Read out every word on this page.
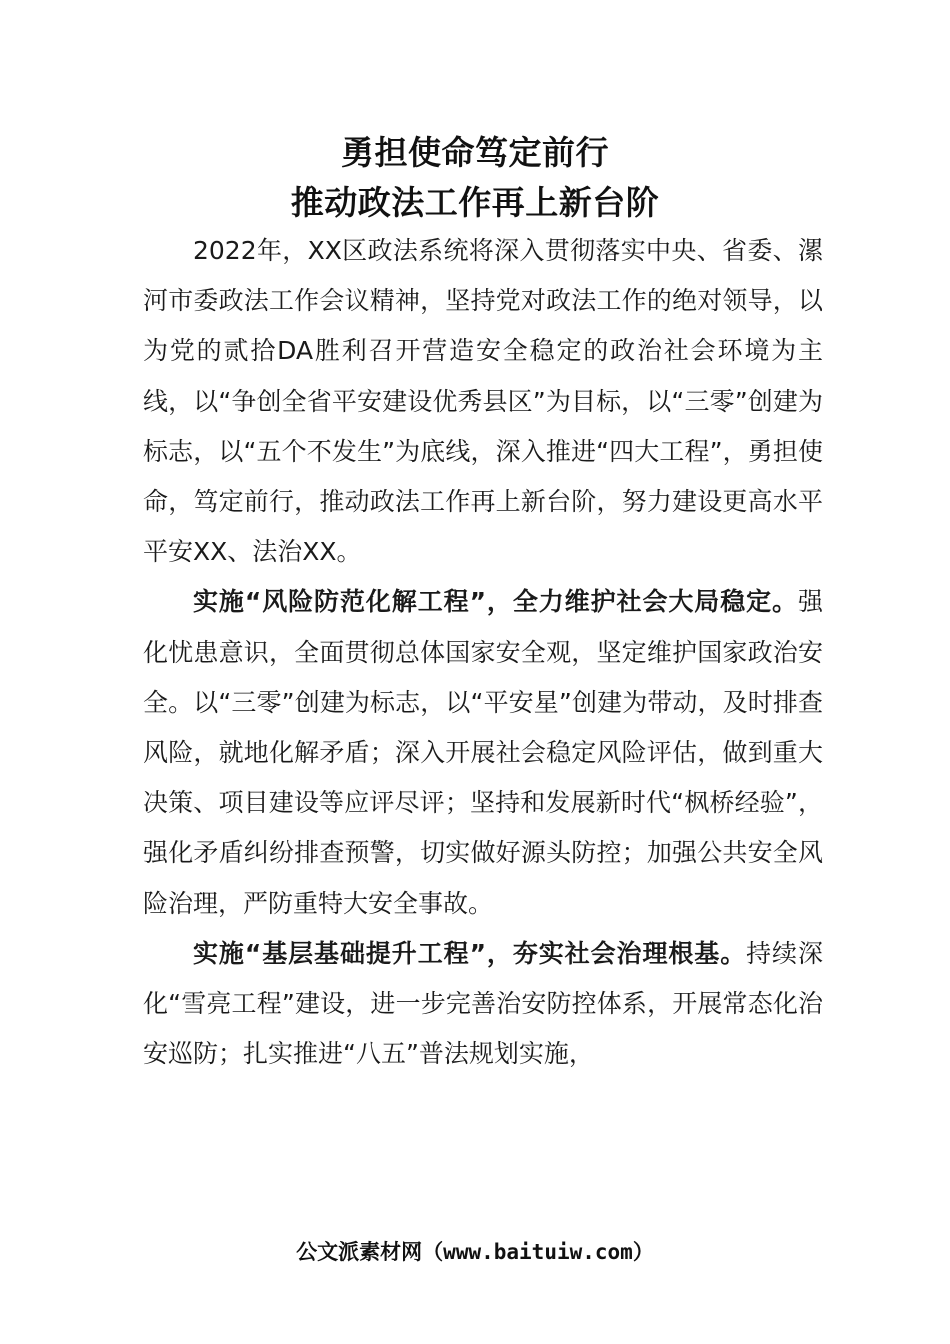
勇担使命笃定前行
推动政法工作再上新台阶

2022年，XX区政法系统将深入贯彻落实中央、省委、漯河市委政法工作会议精神，坚持党对政法工作的绝对领导，以为党的贰拾DA胜利召开营造安全稳定的政治社会环境为主线，以“争创全省平安建设优秀县区”为目标，以“三零”创建为标志，以“五个不发生”为底线，深入推进“四大工程”，勇担使命，笃定前行，推动政法工作再上新台阶，努力建设更高水平平安XX、法治XX。

实施“风险防范化解工程”，全力维护社会大局稳定。强化忧患意识，全面贯彻总体国家安全观，坚定维护国家政治安全。以“三零”创建为标志，以“平安星”创建为带动，及时排查风险，就地化解矛盾；深入开展社会稳定风险评估，做到重大决策、项目建设等应评尽评；坚持和发展新时代“枫桥经验”，强化矛盾纠纷排查预警，切实做好源头防控；加强公共安全风险治理，严防重特大安全事故。

实施“基层基础提升工程”，夯实社会治理根基。持续深化“雪亮工程”建设，进一步完善治安防控体系，开展常态化治安巡防；扎实推进“八五”普法规划实施，

公文派素材网（www.baituiw.com）
